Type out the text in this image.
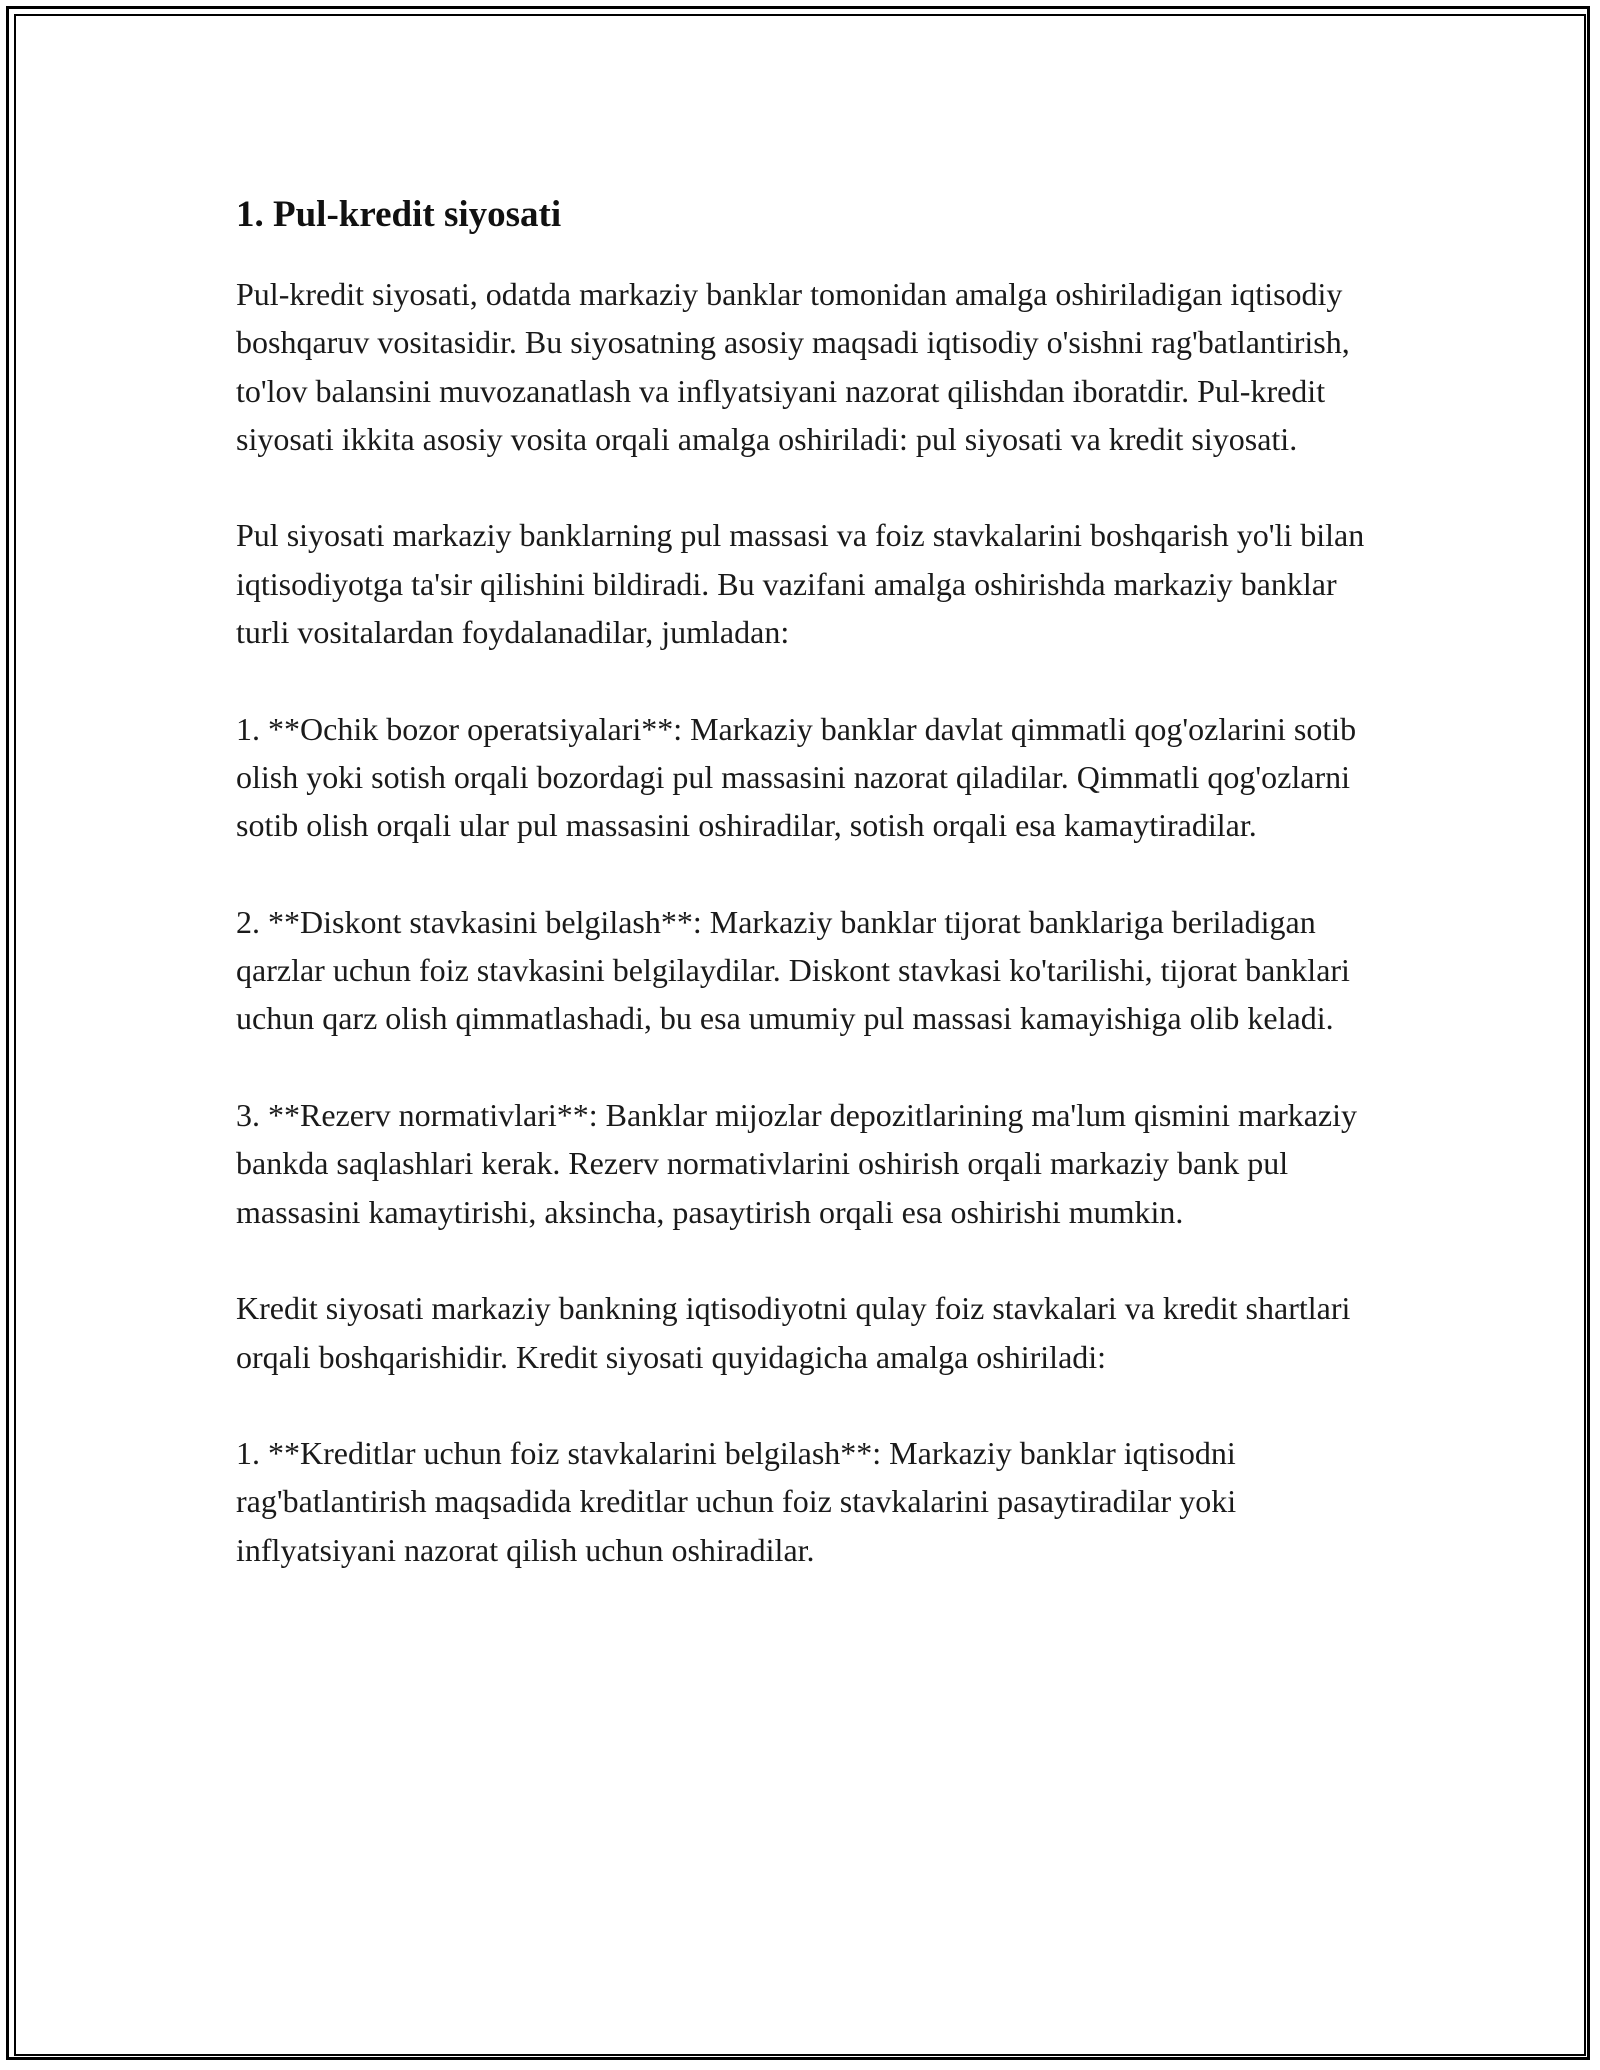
1. Pul-kredit siyosati

Pul-kredit siyosati, odatda markaziy banklar tomonidan amalga oshiriladigan iqtisodiy boshqaruv vositasidir. Bu siyosatning asosiy maqsadi iqtisodiy o'sishni rag'batlantirish, to'lov balansini muvozanatlash va inflyatsiyani nazorat qilishdan iboratdir. Pul-kredit siyosati ikkita asosiy vosita orqali amalga oshiriladi: pul siyosati va kredit siyosati.

Pul siyosati markaziy banklarning pul massasi va foiz stavkalarini boshqarish yo'li bilan iqtisodiyotga ta'sir qilishini bildiradi. Bu vazifani amalga oshirishda markaziy banklar turli vositalardan foydalanadilar, jumladan:

1. **Ochik bozor operatsiyalari**: Markaziy banklar davlat qimmatli qog'ozlarini sotib olish yoki sotish orqali bozordagi pul massasini nazorat qiladilar. Qimmatli qog'ozlarni sotib olish orqali ular pul massasini oshiradilar, sotish orqali esa kamaytiradilar.

2. **Diskont stavkasini belgilash**: Markaziy banklar tijorat banklariga beriladigan qarzlar uchun foiz stavkasini belgilaydilar. Diskont stavkasi ko'tarilishi, tijorat banklari uchun qarz olish qimmatlashadi, bu esa umumiy pul massasi kamayishiga olib keladi.

3. **Rezerv normativlari**: Banklar mijozlar depozitlarining ma'lum qismini markaziy bankda saqlashlari kerak. Rezerv normativlarini oshirish orqali markaziy bank pul massasini kamaytirishi, aksincha, pasaytirish orqali esa oshirishi mumkin.

Kredit siyosati markaziy bankning iqtisodiyotni qulay foiz stavkalari va kredit shartlari orqali boshqarishidir. Kredit siyosati quyidagicha amalga oshiriladi:

1. **Kreditlar uchun foiz stavkalarini belgilash**: Markaziy banklar iqtisodni rag'batlantirish maqsadida kreditlar uchun foiz stavkalarini pasaytiradilar yoki inflyatsiyani nazorat qilish uchun oshiradilar.
